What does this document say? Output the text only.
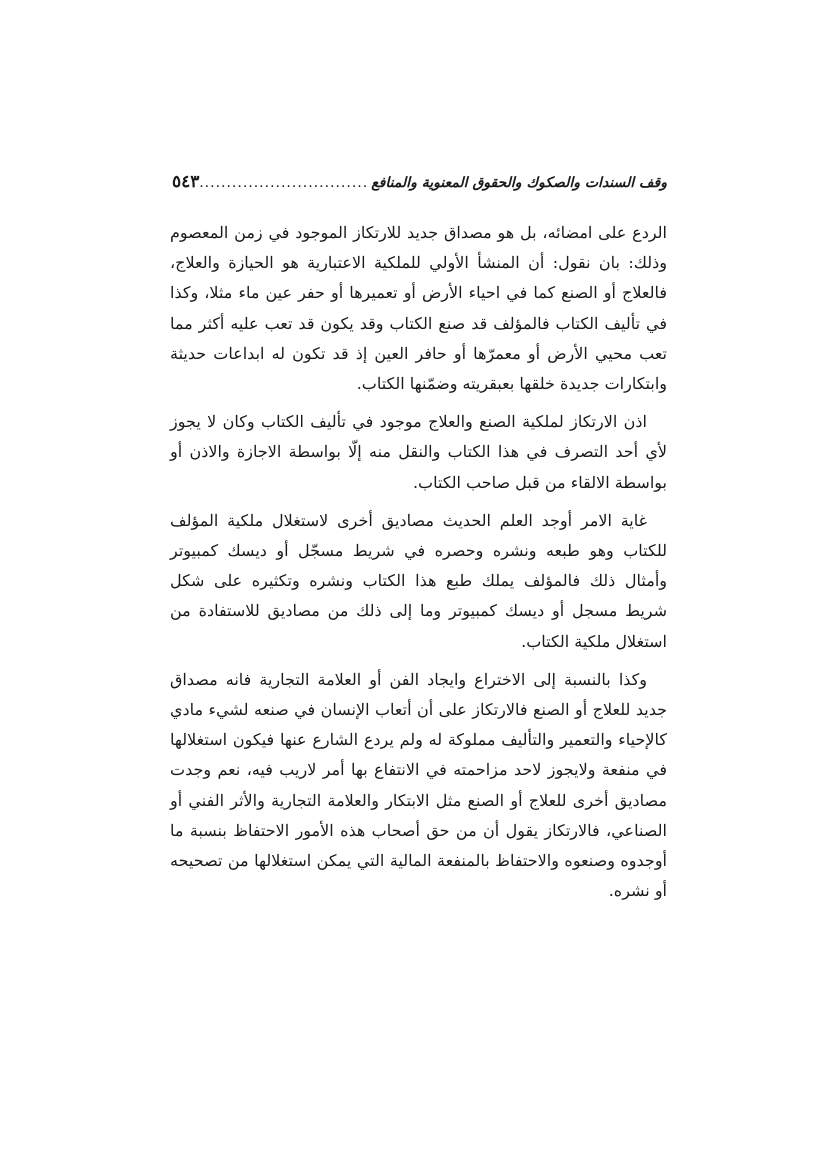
وقف السندات والصكوك والحقوق المعنوية والمنافع
.....
٥٤٣

الردع على امضائه، بل هو مصداق جديد للارتكاز الموجود في زمن المعصوم وذلك: بان نقول: أن المنشأ الأولي للملكية الاعتبارية هو الحيازة والعلاج، فالعلاج أو الصنع كما في احياء الأرض أو تعميرها أو حفر عين ماء مثلا، وكذا في تأليف الكتاب فالمؤلف قد صنع الكتاب وقد يكون قد تعب عليه أكثر مما تعب محيي الأرض أو معمرّها أو حافر العين إذ قد تكون له ابداعات حديثة وابتكارات جديدة خلقها بعبقريته وضمّنها الكتاب.

اذن الارتكاز لملكية الصنع والعلاج موجود في تأليف الكتاب وكان لا يجوز لأي أحد التصرف في هذا الكتاب والنقل منه إلّا بواسطة الاجازة والاذن أو بواسطة الالقاء من قبل صاحب الكتاب.

غاية الامر أوجد العلم الحديث مصاديق أخرى لاستغلال ملكية المؤلف للكتاب وهو طبعه ونشره وحصره في شريط مسجّل أو ديسك كمبيوتر وأمثال ذلك فالمؤلف يملك طبع هذا الكتاب ونشره وتكثيره على شكل شريط مسجل أو ديسك كمبيوتر وما إلى ذلك من مصاديق للاستفادة من استغلال ملكية الكتاب.

وكذا بالنسبة إلى الاختراع وايجاد الفن أو العلامة التجارية فانه مصداق جديد للعلاج أو الصنع فالارتكاز على أن أتعاب الإنسان في صنعه لشيء مادي كالإحياء والتعمير والتأليف مملوكة له ولم يردع الشارع عنها فيكون استغلالها في منفعة ولايجوز لاحد مزاحمته في الانتفاع بها أمر لاريب فيه، نعم وجدت مصاديق أخرى للعلاج أو الصنع مثل الابتكار والعلامة التجارية والأثر الفني أو الصناعي، فالارتكاز يقول أن من حق أصحاب هذه الأمور الاحتفاظ بنسبة ما أوجدوه وصنعوه والاحتفاظ بالمنفعة المالية التي يمكن استغلالها من تصحيحه أو نشره.
